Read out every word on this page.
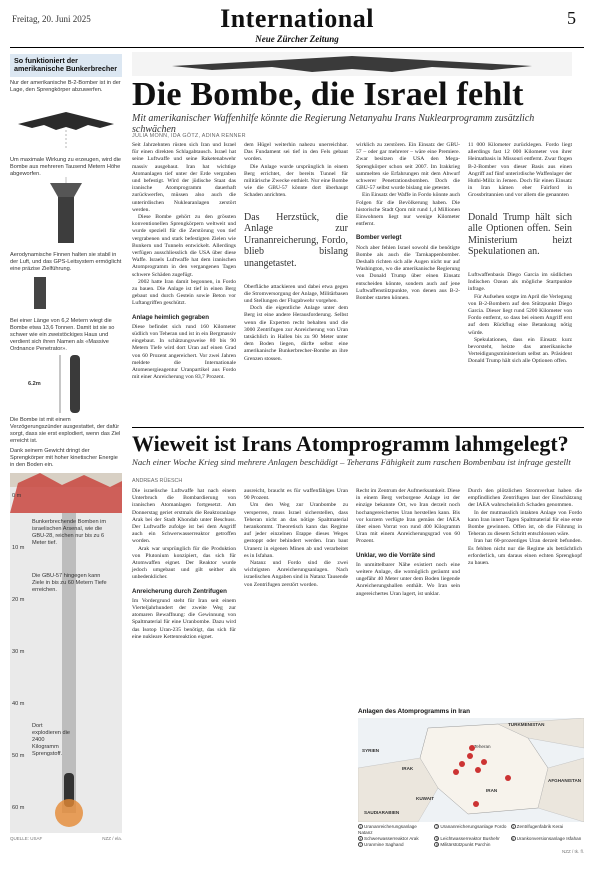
Freitag, 20. Juni 2025	International
Neue Zürcher Zeitung
5
So funktioniert der amerikanische Bunkerbrecher
Nur der amerikanische B-2-Bomber ist in der Lage, den Sprengkörper abzuwerfen.
Um maximale Wirkung zu erzeugen, wird die Bombe aus mehreren Tausend Metern Höhe abgeworfen.
Aerodynamische Finnen halten sie stabil in der Luft, und das GPS-Leitsystem ermöglicht eine präzise Zielführung.
Bei einer Länge von 6,2 Metern wiegt die Bombe etwa 13,6 Tonnen. Damit ist sie so schwer wie ein zweistöckiges Haus und verdient sich ihren Namen als «Massive Ordnance Penetrator».
6.2m
Die Bombe ist mit einem Verzögerungszünder ausgestattet, der dafür sorgt, dass sie erst explodiert, wenn das Ziel erreicht ist.
Dank seinem Gewicht dringt der Sprengkörper mit hoher kinetischer Energie in den Boden ein.
0 m
10 m
20 m
30 m
40 m
50 m
60 m
Bunkerbrechende Bomben im israelischen Arsenal, wie die GBU-28, reichen nur bis zu 6 Meter tief.
Die GBU-57 hingegen kann Ziele in bis zu 60 Metern Tiefe erreichen.
Dort explodieren die 2400 Kilogramm Sprengstoff.
QUELLE: USAF	NZZ / ela.
Die Bombe, die Israel fehlt
Mit amerikanischer Waffenhilfe könnte die Regierung Netanyahu Irans Nuklearprogramm zusätzlich schwächen
JULIA MONN, IDA GÖTZ, ADINA RENNER

Seit Jahrzehnten rüsten sich Iran und Israel für einen direkten Schlagabtausch. Israel hat seine Luftwaffe und seine Raketenabwehr massiv ausgebaut. Iran hat wichtige Atomanlagen tief unter der Erde vergraben und befestigt. Wird der jüdische Staat das iranische Atomprogramm dauerhaft zurückwerfen, müssen also auch die unterirdischen Nuklearanlagen zerstört werden.

Diese Bombe gehört zu den grössten konventionellen Sprengkörpern weltweit und wurde speziell für die Zerstörung von tief vergrabenen und stark befestigten Zielen wie Bunkern und Tunneln entwickelt. Allerdings verfügen ausschliesslich die USA über diese Waffe. Israels Luftwaffe hat dem iranischen Atomprogramm in den vergangenen Tagen schwere Schäden zugefügt.

2002 hatte Iran damit begonnen, in Fordo zu bauen. Die Anlage ist tief in einen Berg gebaut und durch Gestein sowie Beton vor Luftangriffen geschützt.

Anlage heimlich gegraben

Diese befindet sich rund 160 Kilometer südlich von Teheran und ist in ein Bergmassiv eingebaut. In schätzungsweise 80 bis 90 Metern Tiefe wird dort Uran auf einen Grad von 60 Prozent angereichert. Vor zwei Jahren meldete die Internationale Atomenergieagentur Uranpartikel aus Fordo mit einer Anreicherung von 83,7 Prozent.

dem Hügel weiterhin nahezu unerreichbar. Das Fundament sei tief in den Fels gebaut worden.

Die Anlage wurde ursprünglich in einem Berg errichtet, der bereits Tunnel für militärische Zwecke enthielt. Nur eine Bombe wie die GBU-57 könnte dort überhaupt Schaden anrichten.

Das Herzstück, die Anlage zur Urananreicherung, Fordo, blieb bislang unangetastet.

Oberfläche attackieren und dabei etwa gegen die Stromversorgung der Anlage, Militärbasen und Stellungen der Flugabwehr vorgehen.

Doch die eigentliche Anlage unter dem Berg ist eine andere Herausforderung. Selbst wenn die Experten recht behalten und die 3000 Zentrifugen zur Anreicherung von Uran tatsächlich in Hallen bis zu 90 Meter unter dem Boden liegen, dürfte selbst eine amerikanische Bunkerbrecher-Bombe an ihre Grenzen stossen.

wirklich zu zerstören. Ein Einsatz der GBU-57 – oder gar mehrerer – wäre eine Premiere. Zwar besitzen die USA den Mega-Sprengkörper schon seit 2007. Im Irakkrieg sammelten sie Erfahrungen mit dem Abwurf schwerer Penetrationsbomben. Doch die GBU-57 selbst wurde bislang nie getestet.

Ein Einsatz der Waffe in Fordo könnte auch Folgen für die Bevölkerung haben. Die historische Stadt Qom mit rund 1,4 Millionen Einwohnern liegt nur wenige Kilometer entfernt.

Bomber verlegt

Noch aber fehlen Israel sowohl die benötigte Bombe als auch die Tarnkappenbomber. Deshalb richten sich alle Augen nicht nur auf Washington, wo die amerikanische Regierung von Donald Trump über einen Einsatz entscheiden könnte, sondern auch auf jene Luftwaffenstützpunkte, von denen aus B-2-Bomber starten können.

11 000 Kilometer zurücklegen. Fordo liegt allerdings fast 12 000 Kilometer von ihrer Heimatbasis in Missouri entfernt. Zwar flogen B-2-Bomber von dieser Basis aus einen Angriff auf fünf unterirdische Waffenlager der Huthi-Miliz in Jemen. Doch für einen Einsatz in Iran kämen eher Fairford in Grossbritannien und vor allem die genannten

Donald Trump hält sich alle Optionen offen. Sein Ministerium heizt Spekulationen an.

Luftwaffenbasis Diego Garcia im südlichen Indischen Ozean als mögliche Startpunkte infrage.

Für Aufsehen sorgte im April die Verlegung von B-2-Bombern auf den Stützpunkt Diego Garcia. Dieser liegt rund 5200 Kilometer von Fordo entfernt, so dass bei einem Angriff erst auf dem Rückflug eine Betankung nötig würde.

Spekulationen, dass ein Einsatz kurz bevorsteht, heizte das amerikanische Verteidigungsministerium selbst an. Präsident Donald Trump hält sich alle Optionen offen.

Wieweit ist Irans Atomprogramm lahmgelegt?
Nach einer Woche Krieg sind mehrere Anlagen beschädigt – Teherans Fähigkeit zum raschen Bombenbau ist infrage gestellt
ANDREAS RÜESCH

Die israelische Luftwaffe hat nach einem Unterbruch die Bombardierung von iranischen Atomanlagen fortgesetzt. Am Donnerstag geriet erstmals die Reaktoranlage Arak bei der Stadt Khondab unter Beschuss. Der Luftwaffe zufolge ist bei dem Angriff auch ein Schwerwasserreaktor getroffen worden.

Arak war ursprünglich für die Produktion von Plutonium konzipiert, das sich für Atomwaffen eignet. Der Reaktor wurde jedoch umgebaut und gilt seither als unbedenklicher.

Anreicherung durch Zentrifugen

Im Vordergrund steht für Iran seit einem Vierteljahrhundert der zweite Weg zur atomaren Bewaffnung: die Gewinnung von Spaltmaterial für eine Uranbombe. Dazu wird das Isotop Uran-235 benötigt, das sich für eine nukleare Kettenreaktion eignet.

ausreicht, braucht es für waffenfähiges Uran 90 Prozent.

Um den Weg zur Uranbombe zu versperren, muss Israel sicherstellen, dass Teheran nicht an das nötige Spaltmaterial herankommt. Theoretisch kann das Regime auf jeder einzelnen Etappe dieses Weges gestoppt oder behindert werden. Iran baut Uranerz in eigenen Minen ab und verarbeitet es in Isfahan.

Natanz und Fordo sind die zwei wichtigsten Anreicherungsanlagen. Nach israelischen Angaben sind in Natanz Tausende von Zentrifugen zerstört worden.

Recht im Zentrum der Aufmerksamkeit. Diese in einem Berg verborgene Anlage ist der einzige bekannte Ort, wo Iran derzeit noch hochangereichertes Uran herstellen kann. Bis vor kurzem verfügte Iran gemäss der IAEA über einen Vorrat von rund 400 Kilogramm Uran mit einem Anreicherungsgrad von 60 Prozent.

Unklar, wo die Vorräte sind

In unmittelbarer Nähe existiert noch eine weitere Anlage, die womöglich geräumt und ungefähr 40 Meter unter dem Boden liegende Anreicherungshallen enthält. Wo Iran sein angereichertes Uran lagert, ist unklar.

Durch den plötzlichen Stromverlust haben die empfindlichen Zentrifugen laut der Einschätzung der IAEA wahrscheinlich Schaden genommen.

In der mutmasslich intakten Anlage von Fordo kann Iran innert Tagen Spaltmaterial für eine erste Bombe gewinnen. Offen ist, ob die Führung in Teheran zu diesem Schritt entschlossen wäre.

Iran hat 60-prozentiges Uran derzeit befunden. Es fehlten nicht nur die Regime als beträchtlich erforderlich, um daraus einen echten Sprengkopf zu bauen.

Anlagen des Atomprogramms in Iran
TURKMENISTAN
IRAK
IRAN
AFGHANISTAN
SAUDIARABIEN
SYRIEN
KUWAIT
Teheran
1 Urananreicherungsanlage Natanz
2 Urananreicherungsanlage Fordo	3 Zentrifugenfabrik Kerai
4 Schwerwasserreaktor Arak	5 Leichtwasserreaktor Bushehr	6 Urankonversionsanlage Isfahan
7 Uranmine Saghand	8 Militärstützpunkt Parchin
NZZ / tk. fl.
